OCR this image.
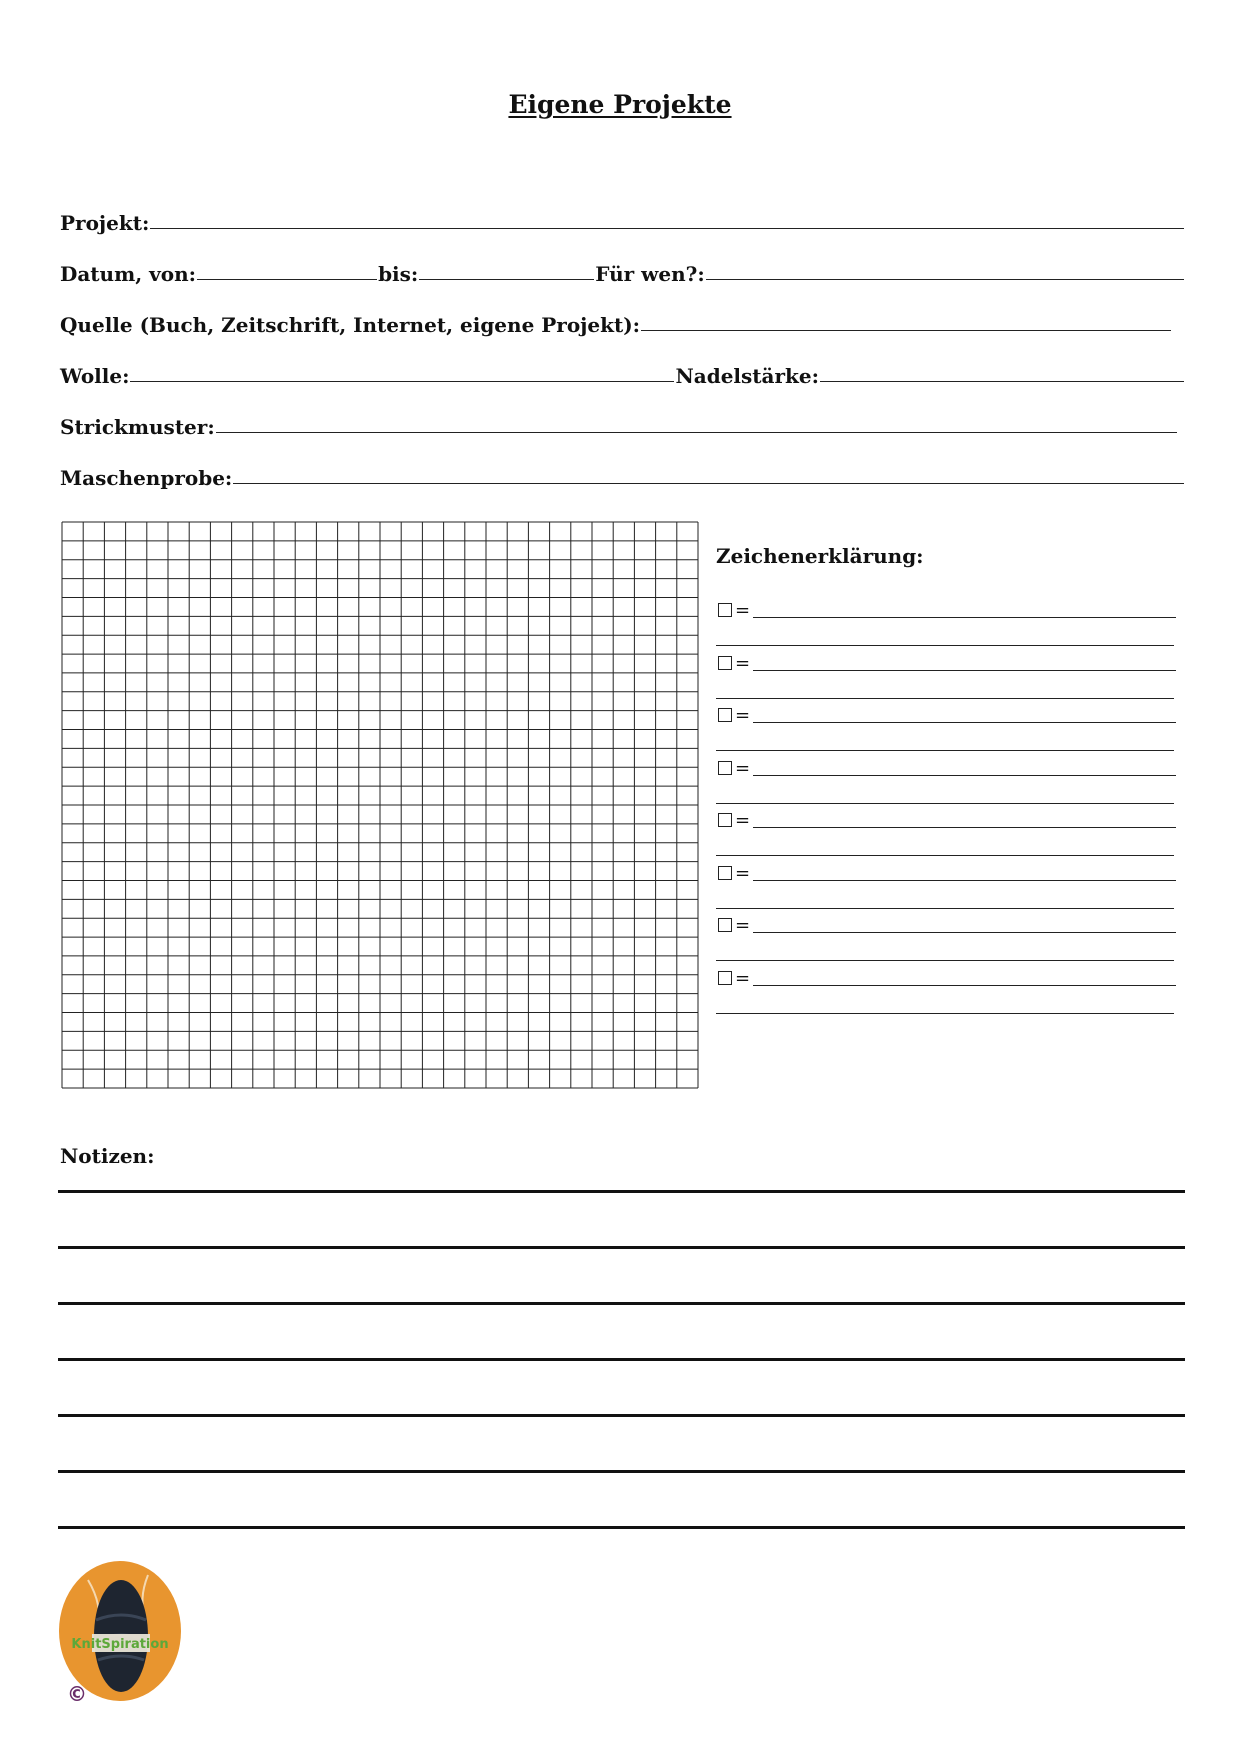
Eigene Projekte
Projekt:
Datum, von:	bis:	Für wen?:
Quelle (Buch, Zeitschrift, Internet, eigene Projekt):
Wolle:	Nadelstärke:
Strickmuster:
Maschenprobe:
Zeichenerklärung:
=
=
=
=
=
=
=
=
Notizen:
KnitSpiration
©
